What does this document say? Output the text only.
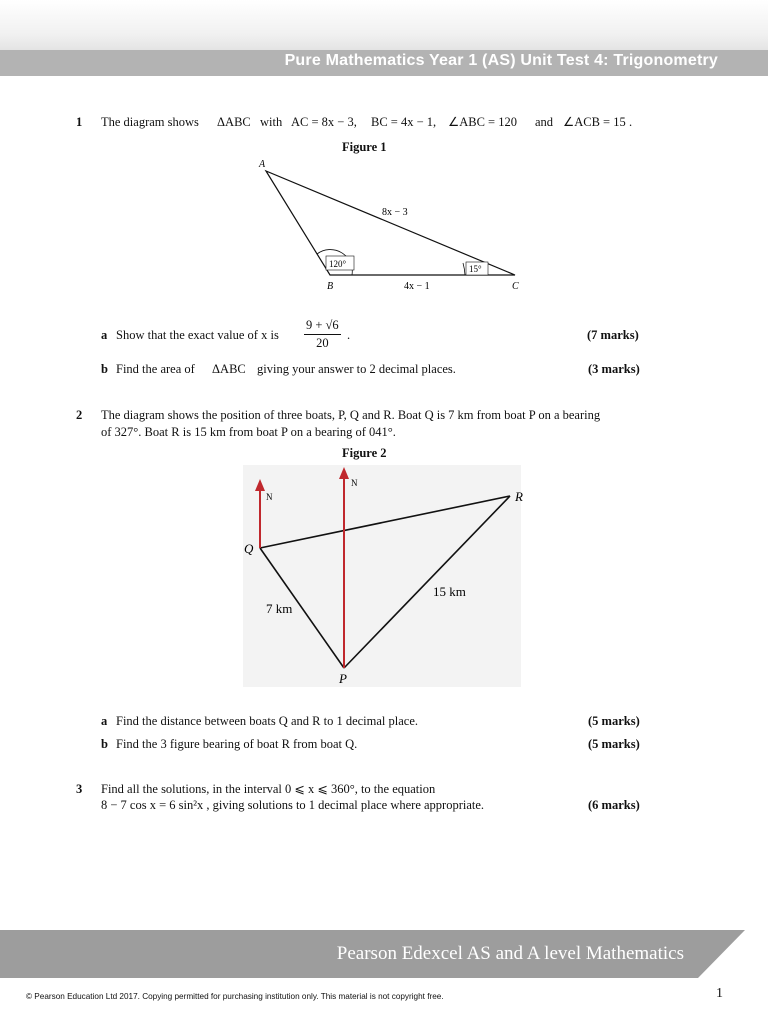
Pure Mathematics Year 1 (AS) Unit Test 4: Trigonometry
1 The diagram shows ΔABC with AC = 8x − 3, BC = 4x − 1, ∠ABC = 120 and ∠ACB = 15 .
Figure 1
A
B	C
8x − 3
4x − 1
120°	15°
a Show that the exact value of x is $\frac{9 + √6}{20}$ .	(7 marks)
b Find the area of ΔABC giving your answer to 2 decimal places.	(3 marks)
2 The diagram shows the position of three boats, P, Q and R. Boat Q is 7 km from boat P on a bearing
of 327°. Boat R is 15 km from boat P on a bearing of 041°.
Figure 2
N
N
Q
R
P
7 km
15 km
a Find the distance between boats Q and R to 1 decimal place.	(5 marks)
b Find the 3 figure bearing of boat R from boat Q.	(5 marks)
3 Find all the solutions, in the interval 0 ⩽ x ⩽ 360°, to the equation
8 − 7 cos x = 6 sin²x , giving solutions to 1 decimal place where appropriate.	(6 marks)
Pearson Edexcel AS and A level Mathematics
© Pearson Education Ltd 2017. Copying permitted for purchasing institution only. This material is not copyright free.	1
